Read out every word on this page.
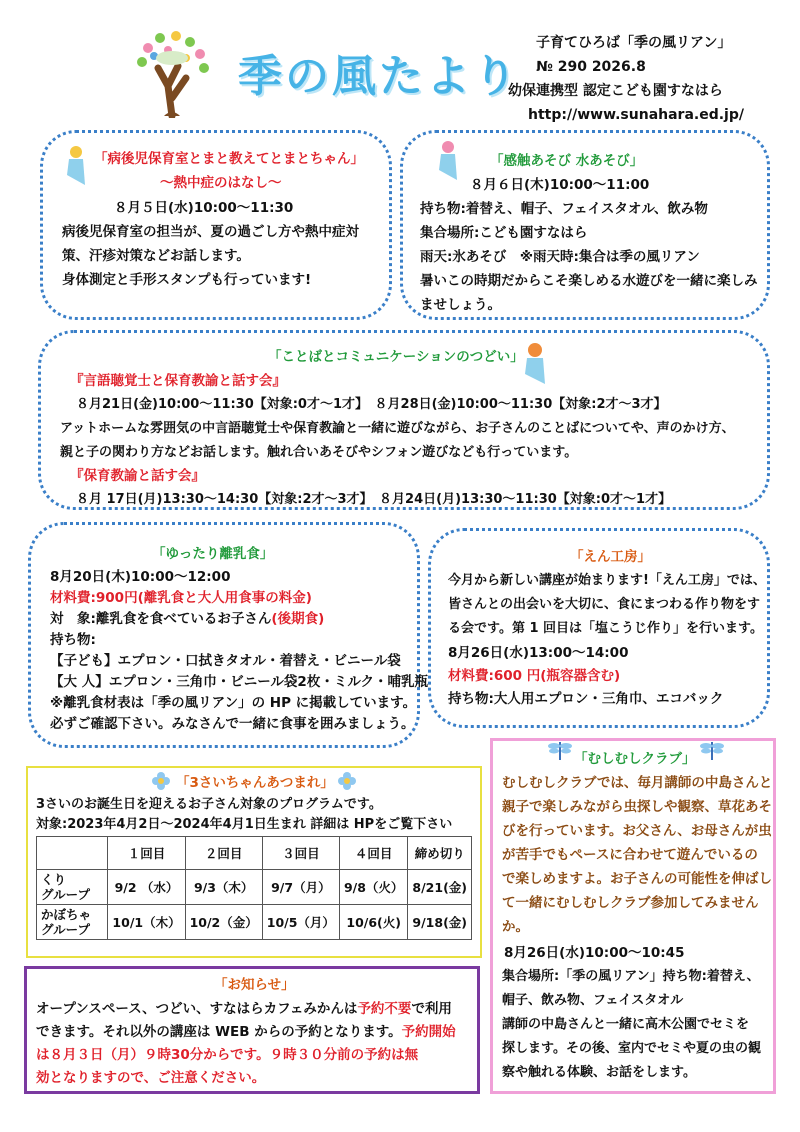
季の風たより
子育てひろば「季の風リアン」
№ 290 2026.8
幼保連携型 認定こども園すなはら
http://www.sunahara.ed.jp/
「病後児保育室とまと教えてとまとちゃん」
～熱中症のはなし～
８月５日(水)10:00～11:30
病後児保育室の担当が、夏の過ごし方や熱中症対
策、汗疹対策などお話します。
身体測定と手形スタンプも行っています!
「感触あそび 水あそび」
８月６日(木)10:00～11:00
持ち物:着替え、帽子、フェイスタオル、飲み物
集合場所:こども園すなはら
雨天:氷あそび　※雨天時:集合は季の風リアン
暑いこの時期だからこそ楽しめる水遊びを一緒に楽しみ
ませしょう。
「ことばとコミュニケーションのつどい」
『言語聴覚士と保育教諭と話す会』
８月21日(金)10:00～11:30【対象:0才～1才】　８月28日(金)10:00～11:30【対象:2才～3才】
アットホームな雰囲気の中言語聴覚士や保育教諭と一緒に遊びながら、お子さんのことばについてや、声のかけ方、
親と子の関わり方などお話します。触れ合いあそびやシフォン遊びなども行っています。
『保育教諭と話す会』
８月 17日(月)13:30～14:30【対象:2才～3才】　８月24日(月)13:30～11:30【対象:0才～1才】
「ゆったり離乳食」
8月20日(木)10:00～12:00
材料費:900円(離乳食と大人用食事の料金)
対　象:離乳食を食べているお子さん(後期食)
持ち物:
【子ども】エプロン・口拭きタオル・着替え・ビニール袋
【大 人】エプロン・三角巾・ビニール袋2枚・ミルク・哺乳瓶
※離乳食材表は「季の風リアン」の HP に掲載しています。
必ずご確認下さい。みなさんで一緒に食事を囲みましょう。
「えん工房」
今月から新しい講座が始まります!「えん工房」では、
皆さんとの出会いを大切に、食にまつわる作り物をす
る会です。第 1 回目は「塩こうじ作り」を行います。
8月26日(水)13:00～14:00
材料費:600 円(瓶容器含む)
持ち物:大人用エプロン・三角巾、エコバック
「3さいちゃんあつまれ」
3さいのお誕生日を迎えるお子さん対象のプログラムです。
対象:2023年4月2日～2024年4月1日生まれ 詳細は HPをご覧下さい
	１回目	２回目	３回目	４回目	締め切り
くり
グループ	9/2 （水）	9/3（木）	9/7（月）	9/8（火）	8/21(金)
かぼちゃ
グループ	10/1（木）	10/2（金）	10/5（月）	10/6(火)	9/18(金)
「お知らせ」
オープンスペース、つどい、すなはらカフェみかんは予約不要で利用
できます。それ以外の講座は WEB からの予約となります。予約開始
は８月３日（月）９時30分からです。９時３０分前の予約は無
効となりますので、ご注意ください。
「むしむしクラブ」
むしむしクラブでは、毎月講師の中島さんと
親子で楽しみながら虫探しや観察、草花あそ
びを行っています。お父さん、お母さんが虫
が苦手でもペースに合わせて遊んでいるの
で楽しめますよ。お子さんの可能性を伸ばし
て一緒にむしむしクラブ参加してみません
か。
8月26日(水)10:00～10:45
集合場所:「季の風リアン」持ち物:着替え、
帽子、飲み物、フェイスタオル
講師の中島さんと一緒に高木公園でセミを
探します。その後、室内でセミや夏の虫の観
察や触れる体験、お話をします。
